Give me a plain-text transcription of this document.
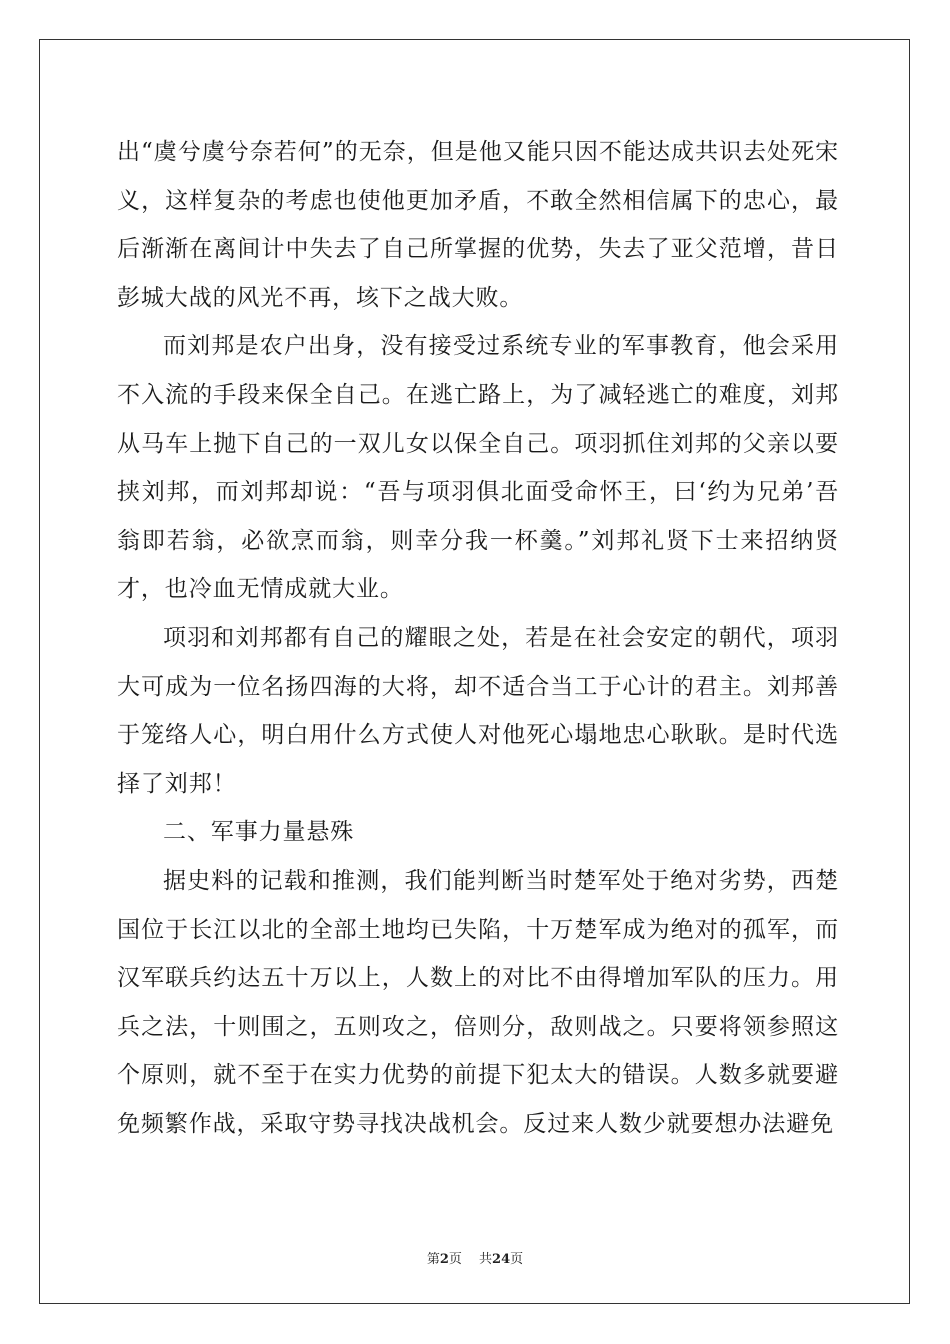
出“虞兮虞兮奈若何”的无奈，但是他又能只因不能达成共识去处死宋义，这样复杂的考虑也使他更加矛盾，不敢全然相信属下的忠心，最后渐渐在离间计中失去了自己所掌握的优势，失去了亚父范增，昔日彭城大战的风光不再，垓下之战大败。

而刘邦是农户出身，没有接受过系统专业的军事教育，他会采用不入流的手段来保全自己。在逃亡路上，为了减轻逃亡的难度，刘邦从马车上抛下自己的一双儿女以保全自己。项羽抓住刘邦的父亲以要挟刘邦，而刘邦却说：“吾与项羽俱北面受命怀王，曰‘约为兄弟’吾翁即若翁，必欲烹而翁，则幸分我一杯羹。”刘邦礼贤下士来招纳贤才，也冷血无情成就大业。

项羽和刘邦都有自己的耀眼之处，若是在社会安定的朝代，项羽大可成为一位名扬四海的大将，却不适合当工于心计的君主。刘邦善于笼络人心，明白用什么方式使人对他死心塌地忠心耿耿。是时代选择了刘邦！

二、军事力量悬殊

据史料的记载和推测，我们能判断当时楚军处于绝对劣势，西楚国位于长江以北的全部土地均已失陷，十万楚军成为绝对的孤军，而汉军联兵约达五十万以上，人数上的对比不由得增加军队的压力。用兵之法，十则围之，五则攻之，倍则分，敌则战之。只要将领参照这个原则，就不至于在实力优势的前提下犯太大的错误。人数多就要避免频繁作战，采取守势寻找决战机会。反过来人数少就要想办法避免

第2页　 共24页
